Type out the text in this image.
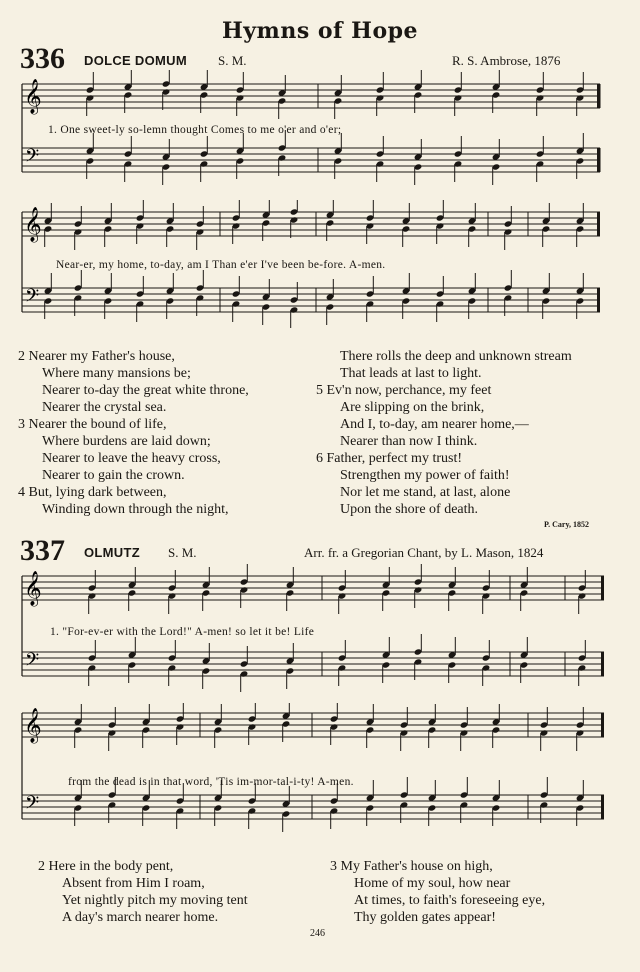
Hymns of Hope
336 DOLCE DOMUM S. M.	R. S. Ambrose, 1876
𝄞
𝄢
1. One sweet-ly so-lemn thought Comes to me o'er and o'er;
𝄞
𝄢
Near-er, my home, to-day, am I Than e'er I've been be-fore. A-men.
2 Nearer my Father's house,
Where many mansions be;
Nearer to-day the great white throne,
Nearer the crystal sea.
3 Nearer the bound of life,
Where burdens are laid down;
Nearer to leave the heavy cross,
Nearer to gain the crown.
4 But, lying dark between,
Winding down through the night,
There rolls the deep and unknown stream
That leads at last to light.
5 Ev'n now, perchance, my feet
Are slipping on the brink,
And I, to-day, am nearer home,—
Nearer than now I think.
6 Father, perfect my trust!
Strengthen my power of faith!
Nor let me stand, at last, alone
Upon the shore of death.
P. Cary, 1852
337 OLMUTZ S. M.	Arr. fr. a Gregorian Chant, by L. Mason, 1824
𝄞
𝄢
1. "For-ev-er with the Lord!" A-men! so let it be! Life
𝄞
𝄢
from the dead is in that word, 'Tis im-mor-tal-i-ty! A-men.
2 Here in the body pent,
Absent from Him I roam,
Yet nightly pitch my moving tent
A day's march nearer home.
3 My Father's house on high,
Home of my soul, how near
At times, to faith's foreseeing eye,
Thy golden gates appear!
246
